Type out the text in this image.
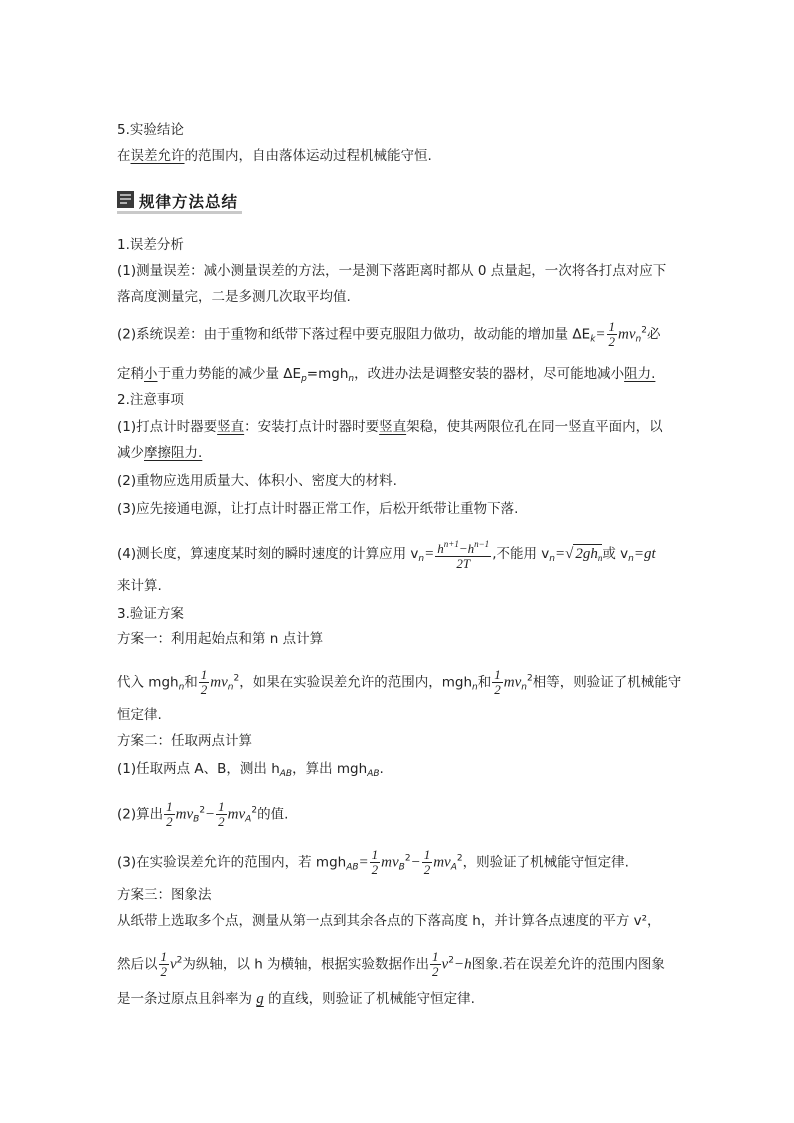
5.实验结论
在误差允许的范围内，自由落体运动过程机械能守恒.
规律方法总结
1.误差分析
(1)测量误差：减小测量误差的方法，一是测下落距离时都从 0 点量起，一次将各打点对应下
落高度测量完，二是多测几次取平均值.
(2)系统误差：由于重物和纸带下落过程中要克服阻力做功，故动能的增加量 $\Delta E_k= \frac{1}{2} mv_n^2$必
定稍小于重力势能的减少量 $\Delta E_p=mgh_n$，改进办法是调整安装的器材，尽可能地减小阻力.
2.注意事项
(1)打点计时器要竖直：安装打点计时器时要竖直架稳，使其两限位孔在同一竖直平面内，以
减少摩擦阻力.
(2)重物应选用质量大、体积小、密度大的材料.
(3)应先接通电源，让打点计时器正常工作，后松开纸带让重物下落.
(4)测长度，算速度某时刻的瞬时速度的计算应用 $v_n= \frac{h^{n+1}-h^{n-1}}{2T}$ ,不能用 $v_n=√$ $2gh_n$或 $v_n=gt$
来计算.
3.验证方案
方案一：利用起始点和第 n 点计算
代入 mgh$_n$和 $\frac{1}{2} mv_n^2$，如果在实验误差允许的范围内，mgh$_n$和 $\frac{1}{2} mv_n^2$相等，则验证了机械能守
恒定律.
方案二：任取两点计算
(1)任取两点 A、B，测出 $h_{AB}$，算出 mgh$_{AB}$.
(2)算出 $\frac{1}{2} mv_B^2- \frac{1}{2} mv_A^2$的值.
(3)在实验误差允许的范围内，若 $mgh_{AB}= \frac{1}{2} mv_B^2- \frac{1}{2} mv_A^2$，则验证了机械能守恒定律.
方案三：图象法
从纸带上选取多个点，测量从第一点到其余各点的下落高度 h，并计算各点速度的平方 v²，
然后以 $\frac{1}{2} v^2$为纵轴，以 h 为横轴，根据实验数据作出 $\frac{1}{2} v^2-h$图象.若在误差允许的范围内图象
是一条过原点且斜率为 g 的直线，则验证了机械能守恒定律.
